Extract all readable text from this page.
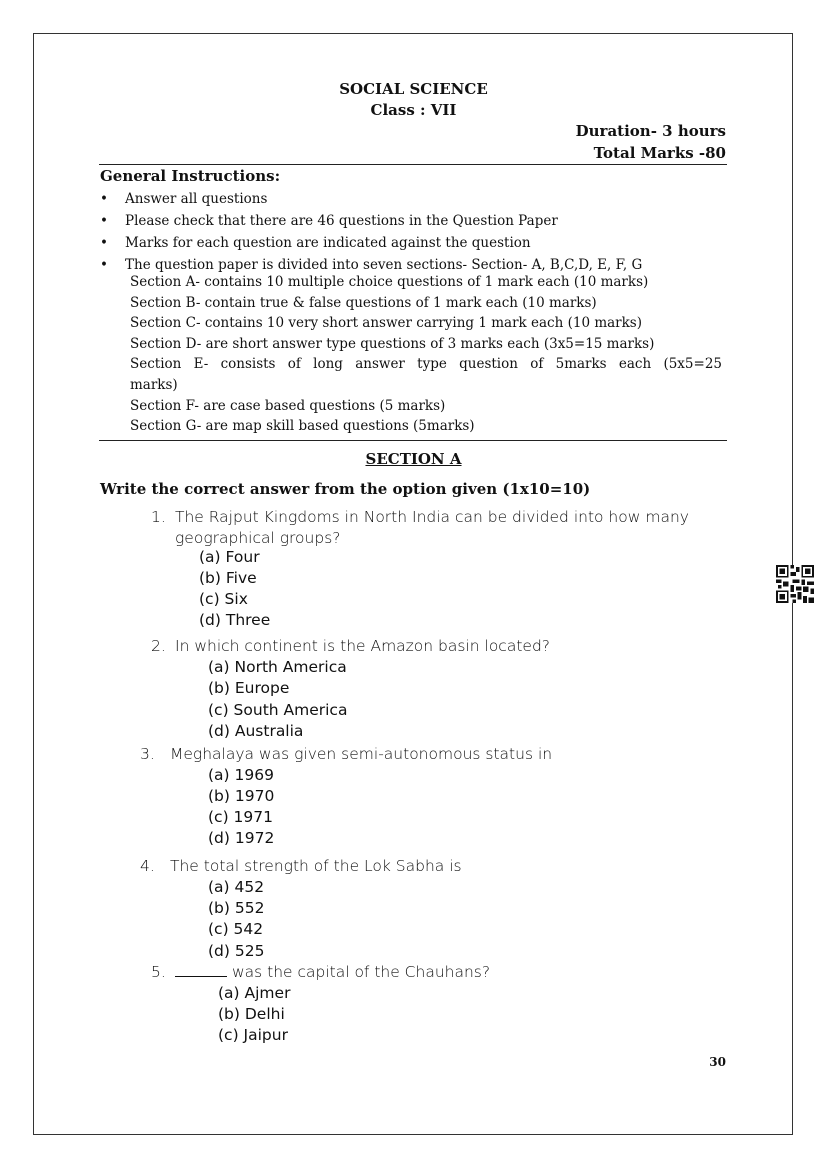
SOCIAL SCIENCE
Class : VII
Duration- 3 hours
Total Marks -80
General Instructions:
• Answer all questions
• Please check that there are 46 questions in the Question Paper
• Marks for each question are indicated against the question
• The question paper is divided into seven sections- Section- A, B,C,D, E, F, G
Section A- contains 10 multiple choice questions of 1 mark each (10 marks)
Section B- contain true & false questions of 1 mark each (10 marks)
Section C- contains 10 very short answer carrying 1 mark each (10 marks)
Section D- are short answer type questions of 3 marks each (3x5=15 marks)
Section E- consists of long answer type question of 5marks each (5x5=25
marks)
Section F- are case based questions (5 marks)
Section G- are map skill based questions (5marks)
SECTION A
Write the correct answer from the option given (1x10=10)
1. The Rajput Kingdoms in North India can be divided into how many
geographical groups?
(a) Four
(b) Five
(c) Six
(d) Three
2. In which continent is the Amazon basin located?
(a) North America
(b) Europe
(c) South America
(d) Australia
3. Meghalaya was given semi-autonomous status in
(a) 1969
(b) 1970
(c) 1971
(d) 1972
4. The total strength of the Lok Sabha is
(a) 452
(b) 552
(c) 542
(d) 525
5.	was the capital of the Chauhans?
(a) Ajmer
(b) Delhi
(c) Jaipur
30
